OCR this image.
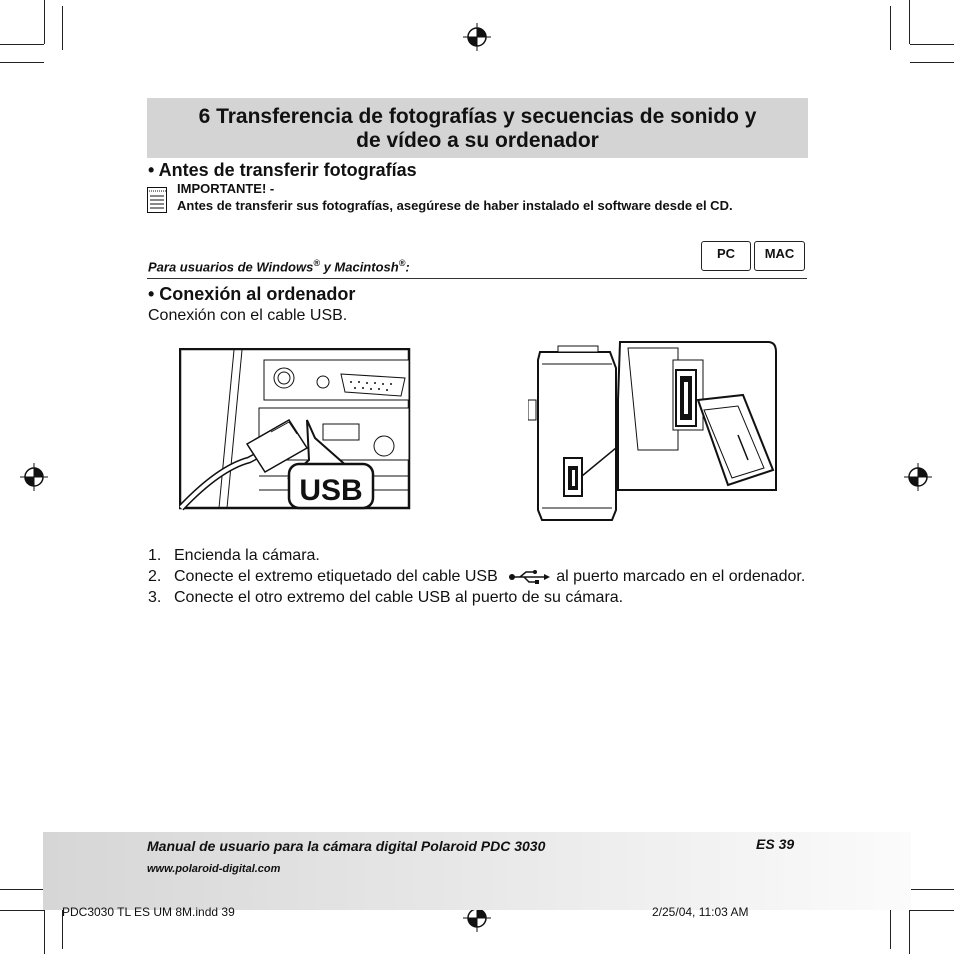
6 Transferencia de fotografías y secuencias de sonido y
de vídeo a su ordenador
• Antes de transferir fotografías
IMPORTANTE! -
Antes de transferir sus fotografías, asegúrese de haber instalado el software desde el CD.
Para usuarios de Windows® y Macintosh®:
PC	MAC
• Conexión al ordenador
Conexión con el cable USB.
USB
1. Encienda la cámara.
2. Conecte el extremo etiquetado del cable USB	al puerto marcado en el ordenador.
3. Conecte el otro extremo del cable USB al puerto de su cámara.
Manual de usuario para la cámara digital Polaroid PDC 3030	ES 39
www.polaroid-digital.com
PDC3030 TL ES UM 8M.indd 39	2/25/04, 11:03 AM
